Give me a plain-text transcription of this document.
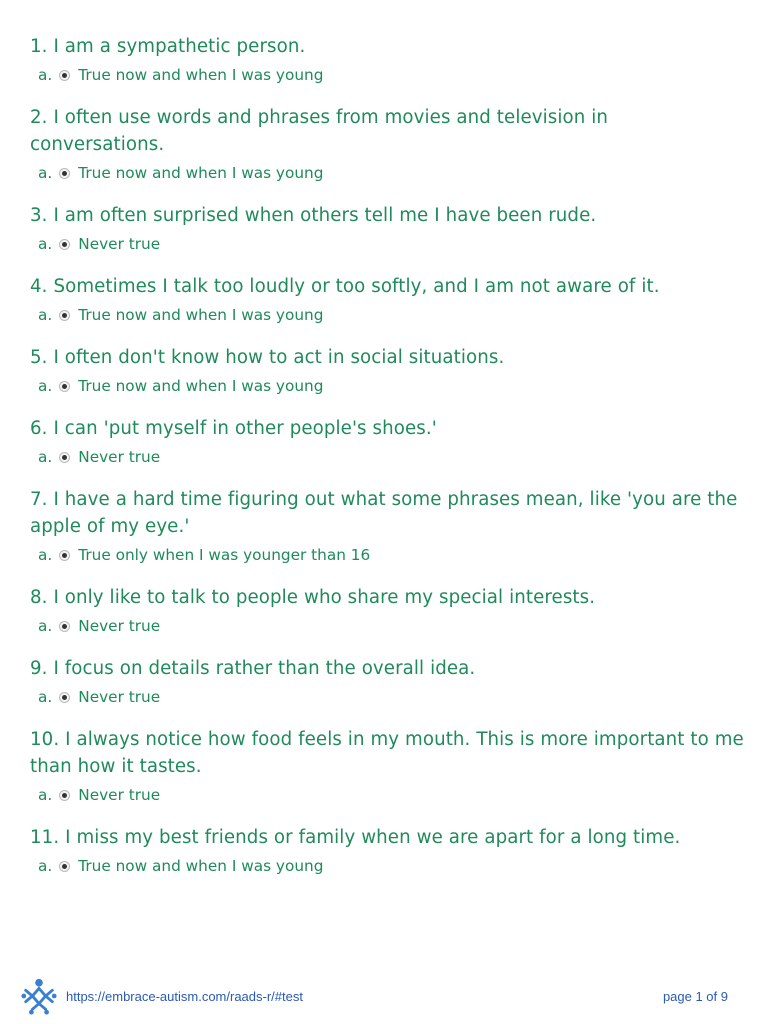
1. I am a sympathetic person.

a. True now and when I was young

2. I often use words and phrases from movies and television in conversations.

a. True now and when I was young

3. I am often surprised when others tell me I have been rude.

a. Never true

4. Sometimes I talk too loudly or too softly, and I am not aware of it.

a. True now and when I was young

5. I often don't know how to act in social situations.

a. True now and when I was young

6. I can 'put myself in other people's shoes.'

a. Never true

7. I have a hard time figuring out what some phrases mean, like 'you are the apple of my eye.'

a. True only when I was younger than 16

8. I only like to talk to people who share my special interests.

a. Never true

9. I focus on details rather than the overall idea.

a. Never true

10. I always notice how food feels in my mouth. This is more important to me than how it tastes.

a. Never true

11. I miss my best friends or family when we are apart for a long time.

a. True now and when I was young
https://embrace-autism.com/raads-r/#test	page 1 of 9
